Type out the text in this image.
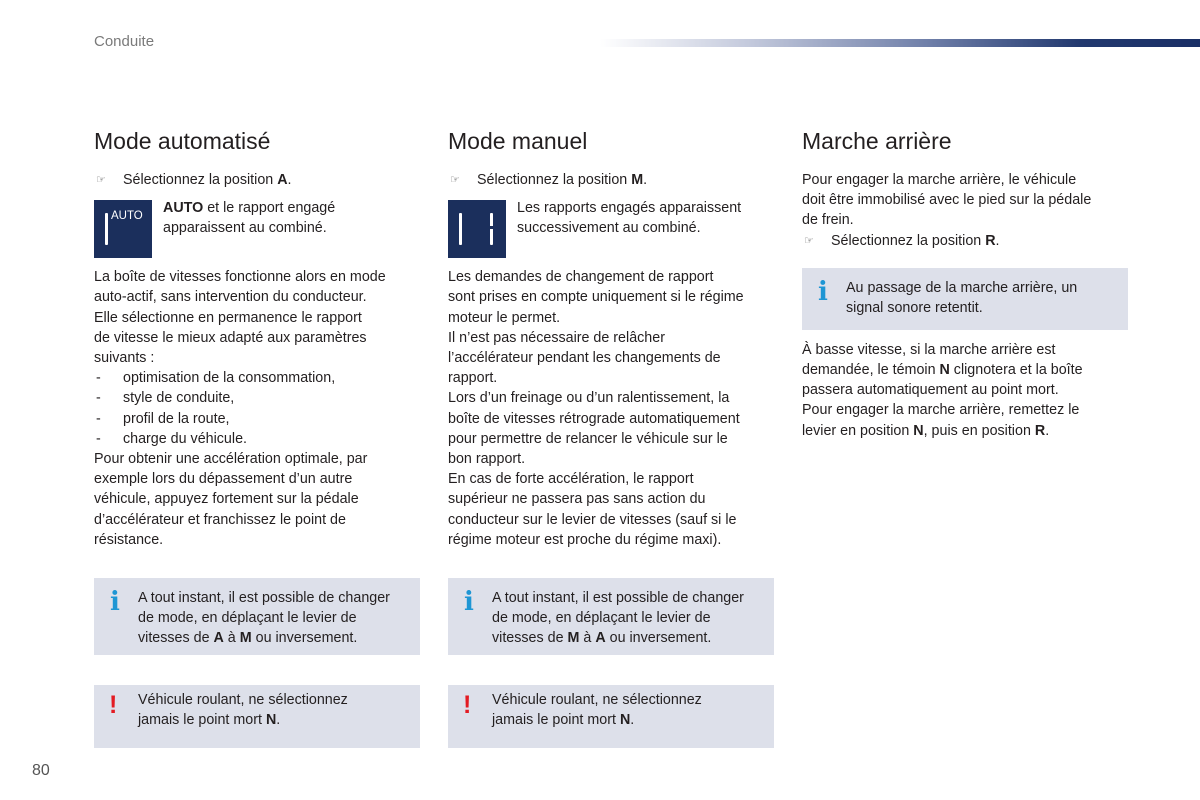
Conduite
Mode automatisé
☞ Sélectionnez la position A.
AUTO AUTO et le rapport engagé apparaissent au combiné.
La boîte de vitesses fonctionne alors en mode
auto-actif, sans intervention du conducteur.
Elle sélectionne en permanence le rapport
de vitesse le mieux adapté aux paramètres
suivants :
- optimisation de la consommation,
- style de conduite,
- profil de la route,
- charge du véhicule.
Pour obtenir une accélération optimale, par
exemple lors du dépassement d’un autre
véhicule, appuyez fortement sur la pédale
d’accélérateur et franchissez le point de
résistance.
i A tout instant, il est possible de changer
de mode, en déplaçant le levier de
vitesses de A à M ou inversement.
! Véhicule roulant, ne sélectionnez
jamais le point mort N.
Mode manuel
☞ Sélectionnez la position M.
Les rapports engagés apparaissent successivement au combiné.
Les demandes de changement de rapport
sont prises en compte uniquement si le régime
moteur le permet.
Il n’est pas nécessaire de relâcher
l’accélérateur pendant les changements de
rapport.
Lors d’un freinage ou d’un ralentissement, la
boîte de vitesses rétrograde automatiquement
pour permettre de relancer le véhicule sur le
bon rapport.
En cas de forte accélération, le rapport
supérieur ne passera pas sans action du
conducteur sur le levier de vitesses (sauf si le
régime moteur est proche du régime maxi).
i A tout instant, il est possible de changer
de mode, en déplaçant le levier de
vitesses de M à A ou inversement.
! Véhicule roulant, ne sélectionnez
jamais le point mort N.
Marche arrière
Pour engager la marche arrière, le véhicule
doit être immobilisé avec le pied sur la pédale
de frein.
☞ Sélectionnez la position R.
i Au passage de la marche arrière, un
signal sonore retentit.
À basse vitesse, si la marche arrière est
demandée, le témoin N clignotera et la boîte
passera automatiquement au point mort.
Pour engager la marche arrière, remettez le
levier en position N, puis en position R.
80
